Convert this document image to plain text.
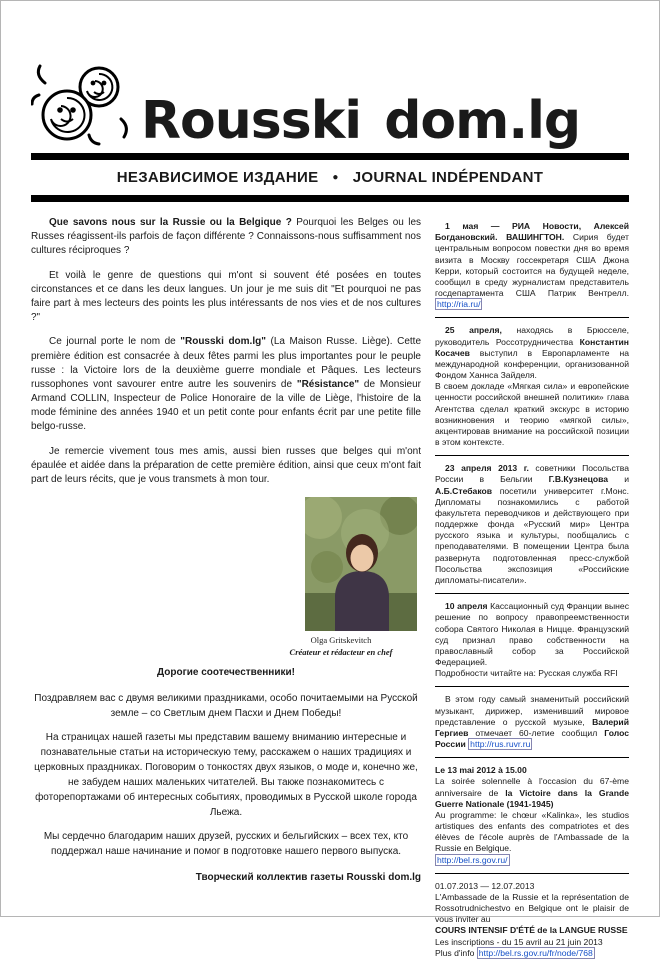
Rousski dom.lg
НЕЗАВИСИМОЕ ИЗДАНИЕ ● JOURNAL INDÉPENDANT
Que savons nous sur la Russie ou la Belgique ? Pourquoi les Belges ou les Russes réagissent-ils parfois de façon différente ? Connaissons-nous suffisamment nos cultures réciproques ?
Et voilà le genre de questions qui m'ont si souvent été posées en toutes circonstances et ce dans les deux langues. Un jour je me suis dit "Et pourquoi ne pas faire part à mes lecteurs des points les plus intéressants de nos vies et de nos cultures ?"
Ce journal porte le nom de "Rousski dom.lg" (La Maison Russe. Liège). Cette première édition est consacrée à deux fêtes parmi les plus importantes pour le peuple russe : la Victoire lors de la deuxième guerre mondiale et Pâques. Les lecteurs russophones vont savourer entre autre les souvenirs de "Résistance" de Monsieur Armand COLLIN, Inspecteur de Police Honoraire de la ville de Liège, l'histoire de la mode féminine des années 1940 et un petit conte pour enfants écrit par une petite fille belgo-russe.
Je remercie vivement tous mes amis, aussi bien russes que belges qui m'ont épaulée et aidée dans la préparation de cette première édition, ainsi que ceux m'ont fait part de leurs récits, que je vous transmets à mon tour.
Olga Gritskevitch
Créateur et rédacteur en chef
Дорогие соотечественники!
Поздравляем вас с двумя великими праздниками, особо почитаемыми на Русской земле – со Светлым днем Пасхи и Днем Победы!
На страницах нашей газеты мы представим вашему вниманию интересные и познавательные статьи на историческую тему, расскажем о наших традициях и церковных праздниках. Поговорим о тонкостях двух языков, о моде и, конечно же, не забудем наших маленьких читателей. Вы также познакомитесь с фоторепортажами об интересных событиях, проводимых в Русской школе города Льежа.
Мы сердечно благодарим наших друзей, русских и бельгийских – всех тех, кто поддержал наше начинание и помог в подготовке нашего первого выпуска.
Творческий коллектив газеты Rousski dom.lg
1 мая — РИА Новости, Алексей Богдановский. ВАШИНГТОН. Сирия будет центральным вопросом повестки дня во время визита в Москву госсекретаря США Джона Керри, который состоится на будущей неделе, сообщил в среду журналистам представитель госдепартамента США Патрик Вентрелл. http://ria.ru/
25 апреля, находясь в Брюсселе, руководитель Россотрудничества Константин Косачев выступил в Европарламенте на международной конференции, организованной Фондом Ханнса Зайделя.
В своем докладе «Мягкая сила» и европейские ценности российской внешней политики» глава Агентства сделал краткий экскурс в историю возникновения и теорию «мягкой силы», акцентировав внимание на российской позиции в этом контексте.
23 апреля 2013 г. советники Посольства России в Бельгии Г.В.Кузнецова и А.Б.Стебаков посетили университет г.Монс. Дипломаты познакомились с работой факультета переводчиков и действующего при поддержке фонда «Русский мир» Центра русского языка и культуры, пообщались с преподавателями. В помещении Центра была развернута подготовленная пресс-службой Посольства экспозиция «Российские дипломаты-писатели».
10 апреля Кассационный суд Франции вынес решение по вопросу правопреемственности собора Святого Николая в Ницце. Французский суд признал право собственности на православный собор за Российской Федерацией.
Подробности читайте на: Русская служба RFI
В этом году самый знаменитый российский музыкант, дирижер, изменивший мировое представление о русской музыке, Валерий Гергиев отмечает 60-летие сообщил Голос России http://rus.ruvr.ru
Le 13 mai 2012 à 15.00
La soirée solennelle à l'occasion du 67-ème anniversaire de la Victoire dans la Grande Guerre Nationale (1941-1945)
Au programme: le chœur «Kalinka», les studios artistiques des enfants des compatriotes et des élèves de l'école auprès de l'Ambassade de la Russie en Belgique.
http://bel.rs.gov.ru/
01.07.2013 — 12.07.2013
L'Ambassade de la Russie et la représentation de Rossotrudnichestvo en Belgique ont le plaisir de vous inviter au
COURS INTENSIF D'ÉTÉ de la LANGUE RUSSE
Les inscriptions - du 15 avril au 21 juin 2013
Plus d'info http://bel.rs.gov.ru/fr/node/768
